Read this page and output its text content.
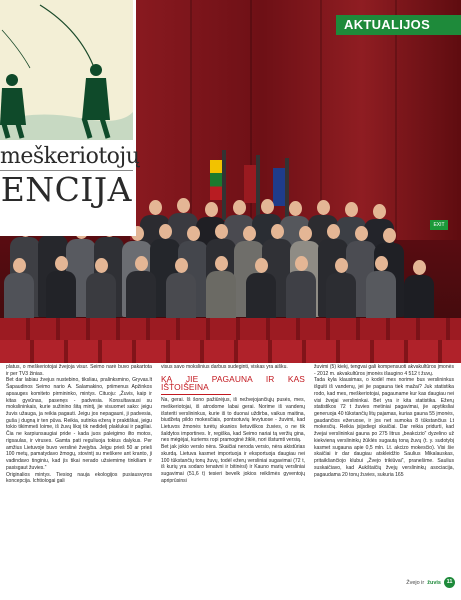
EXIT
meškeriotojų
ENCIJA
AKTUALIJOS

platus, o meškeriotojai žvejoja visur. Seimo narė buvo pakartota ir per TV3 žinias.

Bet dar labiau žvejus nustebino, tiksliau, pralinksmino, Gryvas.lt Šapaudinos Seimo nario A. Salamakino, priimenus Apžinkos apsauges komiteto pirmininko, mintys. Cituoju: „Žuvis, kaip ir kitas gyvūnas, pasenęs - padvesia. Konsultavausi su mokslininkais, kurie sužinino šitą mintį, jie visuomet sako: jeigu žuvis užauga, ja reikia pagauti. Jeigu jos nepagauni, ji padvesia, guša į dugną ir ten pūva. Reikia, sutinka ežerą ir praktiškai, jeigu tokio tikimmeš loime, iš žuvų liksį tik nedidelį plaklukai ir pagiliai. Čia ne karpiunsaugiai pride - kada juos paleigimo ilto motos, rigsaulas, ir viruses. Gamta pati reguliuoja tokius dalykus. Per amžius Lietuvoje buvo verslinė žvejyba. Jeigu prieš 50 ar prieš 100 metų, pamatydavo žmogų, stovintį su meškere ant kranto, ji vadindavo tinginiu, kad jis tikai nerado užsiemimę tinkiliam ir pasisgaut žuvies.“

Originalios mintys. Tiesiog nauja ekologijos pusiausvyros koncepcija. Ichtiologai gali

visus savo mokslinius darbus sudeginti, viskas yra aišku.

KĄ JIE PAGAUNA IR KAS IŠTOIŠEINA

Na, gerai. Iš šono pažiūrėjus, iš nežvejojančiųjų pusės, mes, meškeriotojai, iš atrodome labai gerai. Norime iš vandenų išsteriti verslininkus, kurie iš to duonai uždirba, vaikus maitina, biudžetą pildo mokesčiais, pontsotuvių levytuose - žuvimi, kad Lietuvos žmonės turėtų skanios lietuviškos žuvies, o ne tik šaldytos importines. Ir, regiška, kad Seimo nariai tą veržių gina, nes mėgėjai, kuriems ropi pramoginė žiklė, nori išstumti versią.

Bet jak jokio verslo nėra. Skaičiai neroda versio, nėra akistūrias skurdą. Lietuva kasmet importuoja ir eksportuoja daugiau nei 100 tūkstančių tonų žuvų, todėl ežerų versliniai sugavimai (72 t, iš kurių yra sodaro tenatvni ir bitinėsi) ir Kauno marių versliniai sugavimai (51,6 t) tesieri bevelk jokios reikšmės gyventojų apriprūsinsi

žuvimi (5) kiekį, tengvai gali kompensuoti akvakultūros įmonės - 2012 m. akvakultūros įmonės išaugino 4 512 t žuvų.

Tada kyla klausimas, o kodėl mes norime bus verslininkus išguiti iš vandenų, jei jie pagauna tiek mažai? Juk statistika rodo, kad mes, meškeriotojai, pagauname kur kas daugiau nei visi žvejai verslininkai. Bet yra ir kita statistika. Ežerų statistikos 72 t žuvies metiniai pagavimai, jie apytiksliai generuoja 40 tūkstančių litų pajamas, kurias gauna 55 įmonės, gaudančios ežeruose, ir jos net sumoka 8 tūkstančius Lt mokesčių. Reikia įsijsdiegi skaičiai. Dar reikia pridurti, kad žvejai verslininkai gauna po 275 litrus „beakcizio“ dyzelino už kiekvieną verslininkų žūklės sugautą toną žuvų (t. y. sudotybį kasmet sugauna apie 0,5 mln. Lt. akcizo mokesčio). Visi šie skaičiai ir dar daugiau atskleidžio Saulius Mikalauskas, pritaikšančiojo klubui „Žvejo trikiūvai“, pranešime. Saulius suskaičiavo, kad Aukštaičių žvejų verslininkų asociacija, pagaudama 20 tonų žuvies, sukuria 165

Žvejo ir žuvis	11
